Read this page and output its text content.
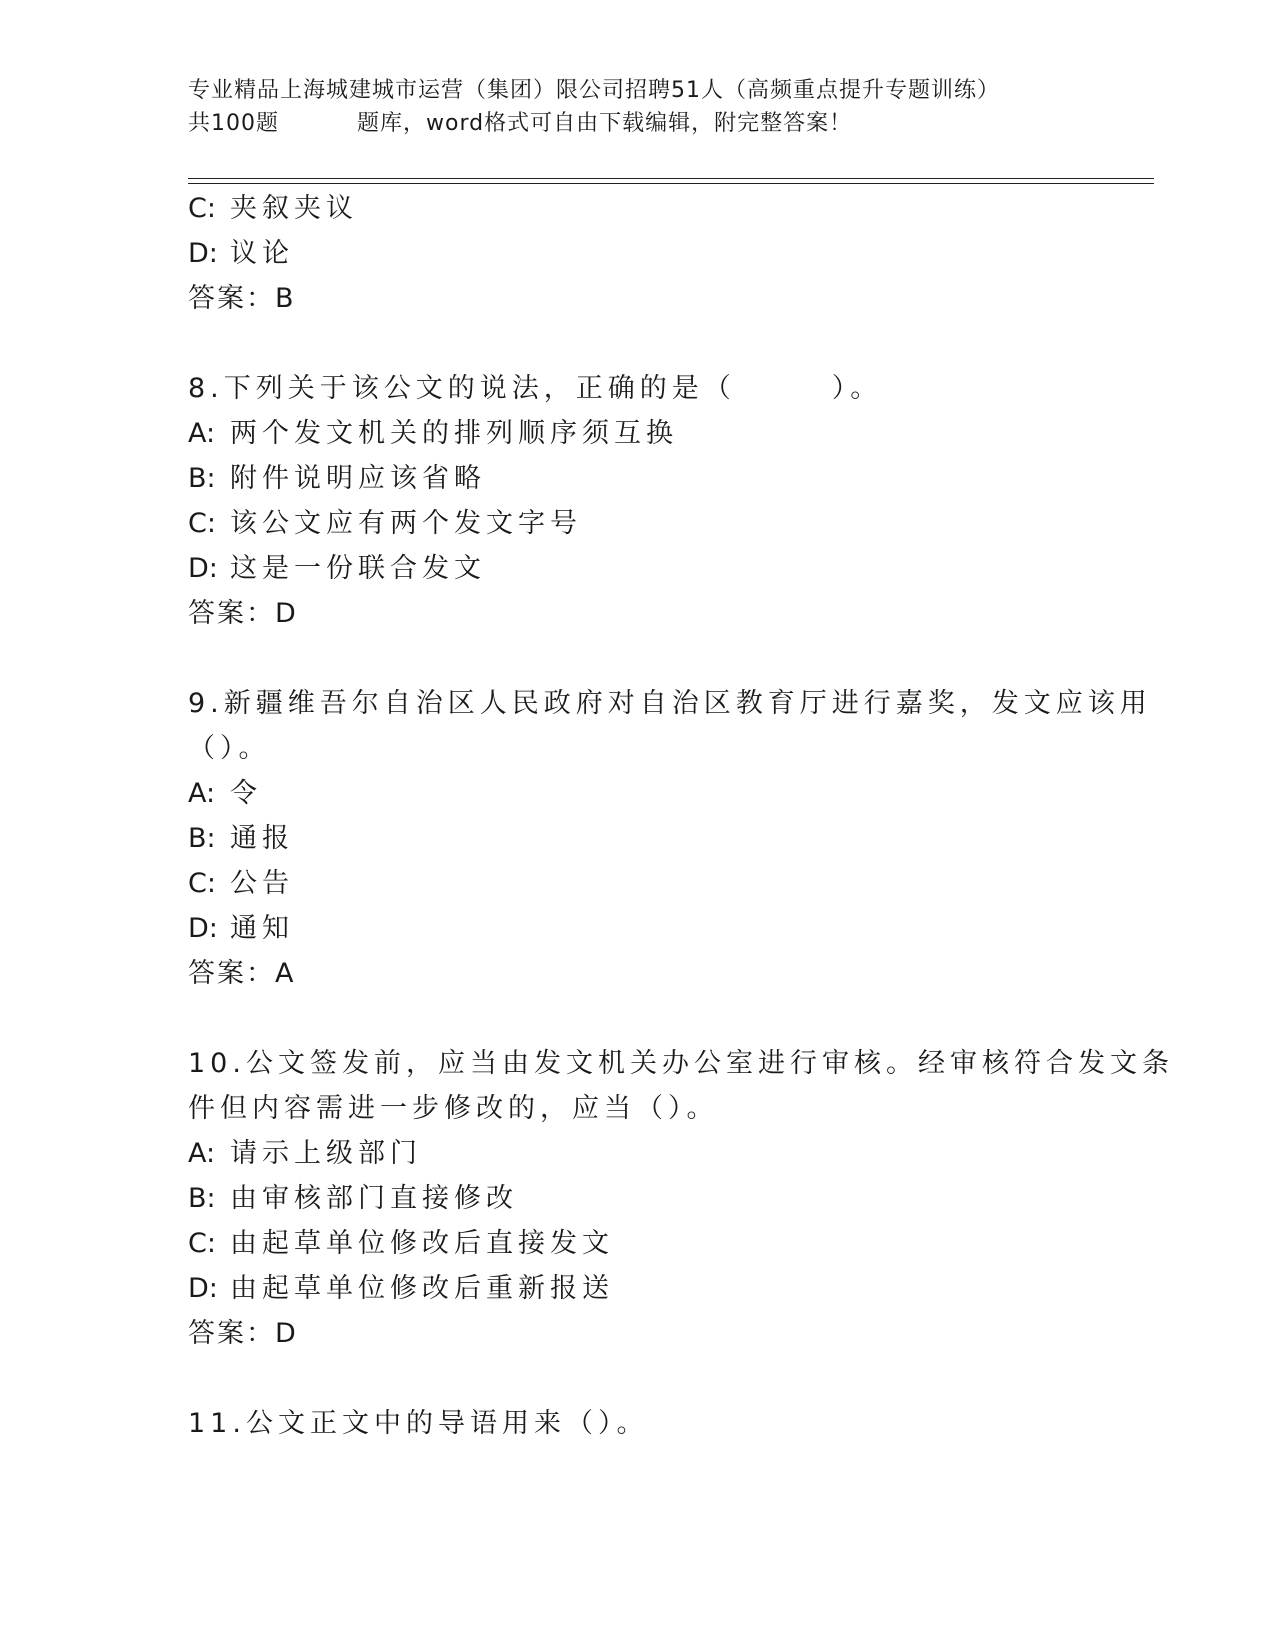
专业精品上海城建城市运营（集团）限公司招聘51人（高频重点提升专题训练）
共100题	题库，word格式可自由下载编辑，附完整答案！
C: 夹叙夹议
D: 议论
答案：B
8.下列关于该公文的说法，正确的是（　　　）。
A: 两个发文机关的排列顺序须互换
B: 附件说明应该省略
C: 该公文应有两个发文字号
D: 这是一份联合发文
答案：D
9.新疆维吾尔自治区人民政府对自治区教育厅进行嘉奖，发文应该用
（）。
A: 令
B: 通报
C: 公告
D: 通知
答案：A
10.公文签发前，应当由发文机关办公室进行审核。经审核符合发文条
件但内容需进一步修改的，应当（）。
A: 请示上级部门
B: 由审核部门直接修改
C: 由起草单位修改后直接发文
D: 由起草单位修改后重新报送
答案：D
11.公文正文中的导语用来（）。
